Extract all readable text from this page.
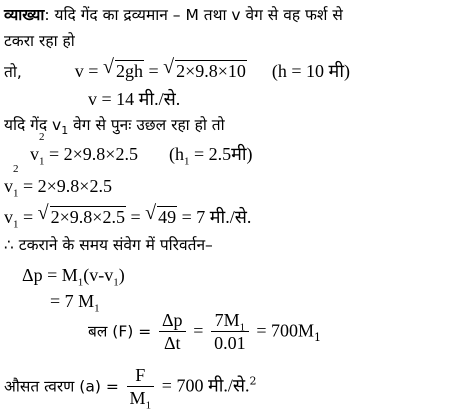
व्याख्या: यदि गेंद का द्रव्यमान – M तथा v वेग से वह फर्श से
टकरा रहा हो
तो,	v = √ 2gh = √ 2×9.8×10 (h = 10 मी)
v = 14 मी./से.
यदि गेंद $v_1$ वेग से पुनः उछल रहा हो तो
v
2
$_1$ = 2×9.8×2.5 ($h_1$ = 2.5मी)
v
2
$_1$ = 2×9.8×2.5
$v_1$ = √ 2×9.8×2.5 = √ 49 = 7 मी./से.
∴ टकराने के समय संवेग में परिवर्तन–
$\Delta p = M_1(v-v_1)$
= 7 $M_1$
बल $(F) = \frac{\Delta p}{\Delta t} = \frac{7M_1}{0.01} = 700M_1$
औसत त्वरण $(a) = \frac{F}{M_1} = 700$ मी./से.$^2$
